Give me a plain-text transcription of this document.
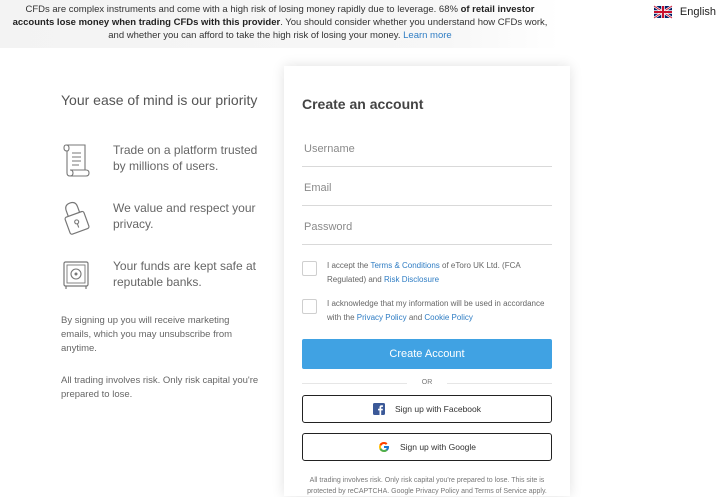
CFDs are complex instruments and come with a high risk of losing money rapidly due to leverage. 68% of retail investor accounts lose money when trading CFDs with this provider. You should consider whether you understand how CFDs work, and whether you can afford to take the high risk of losing your money. Learn more
English
Your ease of mind is our priority

Trade on a platform trusted by millions of users.

We value and respect your privacy.

Your funds are kept safe at reputable banks.

By signing up you will receive marketing emails, which you may unsubscribe from anytime.

All trading involves risk. Only risk capital you're prepared to lose.

Create an account
Username
Email

I accept the Terms & Conditions of eToro UK Ltd. (FCA Regulated) and Risk Disclosure

I acknowledge that my information will be used in accordance with the Privacy Policy and Cookie Policy

Create Account
OR
Sign up with Facebook
Sign up with Google

All trading involves risk. Only risk capital you're prepared to lose. This site is protected by reCAPTCHA. Google Privacy Policy and Terms of Service apply.
